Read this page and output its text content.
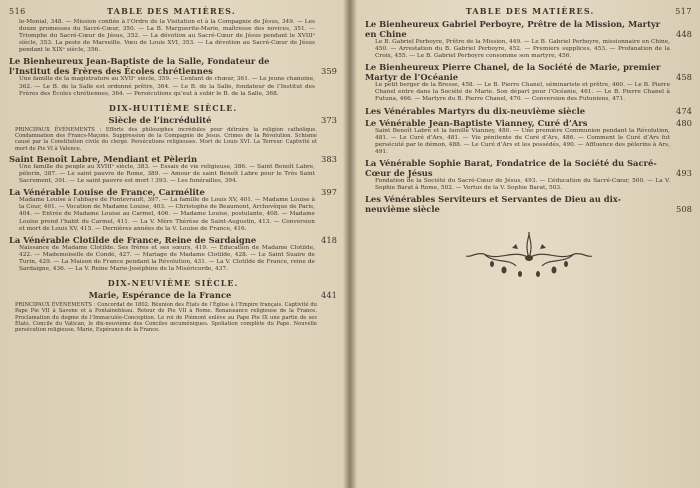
516	TABLE DES MATIÈRES.
le-Monial, 348. — Mission confiée à l’Ordre de la Visitation et à la Compagnie de Jésus, 349. — Les douze promesses du Sacré-Cœur, 350. — La B. Marguerite-Marie, maîtresse des novices, 351. — Triomphe du Sacré-Cœur de Jésus, 352. — La dévotion au Sacré-Cœur de Jésus pendant le XVIIIᵉ siècle, 353. La peste de Marseille. Vœu de Louis XVI, 353. — La dévotion au Sacré-Cœur de Jésus pendant le XIXᵉ siècle, 356.
Le Bienheureux Jean-Baptiste de la Salle, Fondateur de l’Institut des Frères des Écoles chrétiennes	359
Une famille de la magistrature au XVIIᵉ siècle, 359. — L’enfant de chœur, 361. — Le jeune chanoine, 362. — Le B. de la Salle est ordonné prêtre, 364. — Le B. de la Salle, fondateur de l’Institut des Frères des Écoles chrétiennes, 364. — Persécutions qu’eut à subir le B. de la Salle, 368.
DIX-HUITIÈME SIÈCLE.
Siècle de l’incrédulité	373
PRINCIPAUX ÉVÉNEMENTS : Efforts des philosophes incrédules pour détruire la religion catholique. Condamnation des Francs-Maçons. Suppression de la Compagnie de Jésus. Crimes de la Révolution. Schisme causé par la Constitution civile du clergé. Persécutions religieuses. Mort de Louis XVI. La Terreur. Captivité et mort de Pie VI à Valence.
Saint Benoît Labre, Mendiant et Pèlerin	383
Une famille du peuple au XVIIIᵉ siècle, 383. — Essais de vie religieuse, 386. — Saint Benoît Labre, pèlerin, 387. — Le saint pauvre de Rome, 389. — Amour de saint Benoît Labre pour le Très Saint Sacrement, 391. — Le saint pauvre est mort ! 393. — Les funérailles, 394.
La Vénérable Louise de France, Carmélite	397
Madame Louise à l’abbaye de Fontevrault, 397. — La famille de Louis XV, 401. — Madame Louise à la Cour, 401. — Vocation de Madame Louise, 403. — Christophe de Beaumont, Archevêque de Paris, 404. — Entrée de Madame Louise au Carmel, 406. — Madame Louise, postulante, 408. — Madame Louise prend l’habit du Carmel, 411. — La V. Mère Thérèse de Saint-Augustin, 413. — Conversion et mort de Louis XV, 415. — Dernières années de la V. Louise de France, 416.
La Vénérable Clotilde de France, Reine de Sardaigne	418
Naissance de Madame Clotilde. Ses frères et ses sœurs, 419. — Éducation de Madame Clotilde, 422. — Mademoiselle de Condé, 427. — Mariage de Madame Clotilde, 428. — Le Saint Suaire de Turin, 429. — La Maison de France pendant la Révolution, 431. — La V. Clotilde de France, reine de Sardaigne, 436. — La V. Reine Marie-Joséphine de la Miséricorde, 437.
DIX-NEUVIÈME SIÈCLE.
Marie, Espérance de la France	441
PRINCIPAUX ÉVÉNEMENTS : Concordat de 1802. Réunion des États de l’Église à l’Empire français. Captivité du Pape Pie VII à Savone et à Fontainebleau. Retour de Pie VII à Rome. Renaissance religieuse de la France. Proclamation du dogme de l’Immaculée-Conception. Le roi de Piémont enlève au Pape Pie IX une partie de ses États. Concile du Vatican, le dix-neuvième des Conciles œcuméniques. Spoliation complète du Pape. Nouvelle persécution religieuse. Marie, Espérance de la France.
TABLE DES MATIÈRES.	517
Le Bienheureux Gabriel Perboyre, Prêtre de la Mission, Martyr en Chine	448
Le B. Gabriel Perboyre, Prêtre de la Mission, 449. — Le B. Gabriel Perboyre, missionnaire en Chine, 450. — Arrestation du B. Gabriel Perboyre, 452. — Premiers supplices, 453. — Profanation de la Croix, 455. — Le B. Gabriel Perboyre consomme son martyre, 456.
Le Bienheureux Pierre Chanel, de la Société de Marie, premier Martyr de l’Océanie	458
Le petit berger de la Bresse, 458. — Le B. Pierre Chanel, séminariste et prêtre, 460. — Le B. Pierre Chanel entre dans la Société de Marie. Son départ pour l’Océanie, 461. — Le B. Pierre Chanel à Futuna, 466. — Martyre du B. Pierre Chanel, 470. — Conversion des Futuniens, 471.
Les Vénérables Martyrs du dix-neuvième siècle	474
Le Vénérable Jean-Baptiste Vianney, Curé d’Ars	480
Saint Benoît Labre et la famille Vianney, 480. — Une première Communion pendant la Révolution, 481. — Le Curé d’Ars, 481. — Vie pénitente du Curé d’Ars, 486. — Comment le Curé d’Ars fut persécuté par le démon, 488. — Le Curé d’Ars et les possédés, 490. — Affluence des pèlerins à Ars, 491.
La Vénérable Sophie Barat, Fondatrice de la Société du Sacré-Cœur de Jésus	493
Fondation de la Société du Sacré-Cœur de Jésus, 493. — L’éducation du Sacré-Cœur, 500. — La V. Sophie Barat à Rome, 502. — Vertus de la V. Sophie Barat, 503.
Les Vénérables Serviteurs et Servantes de Dieu au dix-neuvième siècle	508
